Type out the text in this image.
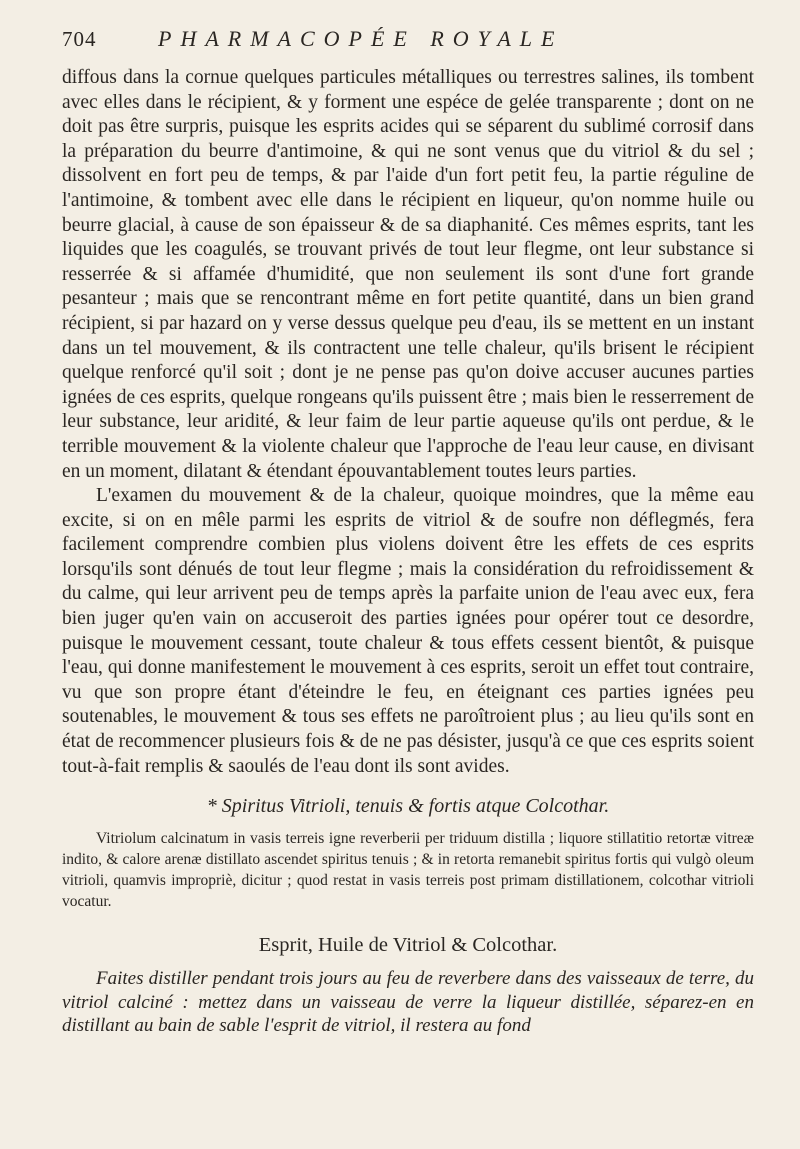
704	PHARMACOPÉE ROYALE

diffous dans la cornue quelques particules métalliques ou terrestres salines, ils tombent avec elles dans le récipient, & y forment une espéce de gelée transparente ; dont on ne doit pas être surpris, puisque les esprits acides qui se séparent du sublimé corrosif dans la préparation du beurre d'antimoine, & qui ne sont venus que du vitriol & du sel ; dissolvent en fort peu de temps, & par l'aide d'un fort petit feu, la partie réguline de l'antimoine, & tombent avec elle dans le récipient en liqueur, qu'on nomme huile ou beurre glacial, à cause de son épaisseur & de sa diaphanité. Ces mêmes esprits, tant les liquides que les coagulés, se trouvant privés de tout leur flegme, ont leur substance si resserrée & si affamée d'humidité, que non seulement ils sont d'une fort grande pesanteur ; mais que se rencontrant même en fort petite quantité, dans un bien grand récipient, si par hazard on y verse dessus quelque peu d'eau, ils se mettent en un instant dans un tel mouvement, & ils contractent une telle chaleur, qu'ils brisent le récipient quelque renforcé qu'il soit ; dont je ne pense pas qu'on doive accuser aucunes parties ignées de ces esprits, quelque rongeans qu'ils puissent être ; mais bien le resserrement de leur substance, leur aridité, & leur faim de leur partie aqueuse qu'ils ont perdue, & le terrible mouvement & la violente chaleur que l'approche de l'eau leur cause, en divisant en un moment, dilatant & étendant épouvantablement toutes leurs parties.

L'examen du mouvement & de la chaleur, quoique moindres, que la même eau excite, si on en mêle parmi les esprits de vitriol & de soufre non déflegmés, fera facilement comprendre combien plus violens doivent être les effets de ces esprits lorsqu'ils sont dénués de tout leur flegme ; mais la considération du refroidissement & du calme, qui leur arrivent peu de temps après la parfaite union de l'eau avec eux, fera bien juger qu'en vain on accuseroit des parties ignées pour opérer tout ce desordre, puisque le mouvement cessant, toute chaleur & tous effets cessent bientôt, & puisque l'eau, qui donne manifestement le mouvement à ces esprits, seroit un effet tout contraire, vu que son propre étant d'éteindre le feu, en éteignant ces parties ignées peu soutenables, le mouvement & tous ses effets ne paroîtroient plus ; au lieu qu'ils sont en état de recommencer plusieurs fois & de ne pas désister, jusqu'à ce que ces esprits soient tout-à-fait remplis & saoulés de l'eau dont ils sont avides.

* Spiritus Vitrioli, tenuis & fortis atque Colcothar.

Vitriolum calcinatum in vasis terreis igne reverberii per triduum distilla ; liquore stillatitio retortæ vitreæ indito, & calore arenæ distillato ascendet spiritus tenuis ; & in retorta remanebit spiritus fortis qui vulgò oleum vitrioli, quamvis impropriè, dicitur ; quod restat in vasis terreis post primam distillationem, colcothar vitrioli vocatur.

Esprit, Huile de Vitriol & Colcothar.

Faites distiller pendant trois jours au feu de reverbere dans des vaisseaux de terre, du vitriol calciné : mettez dans un vaisseau de verre la liqueur distillée, séparez-en en distillant au bain de sable l'esprit de vitriol, il restera au fond
